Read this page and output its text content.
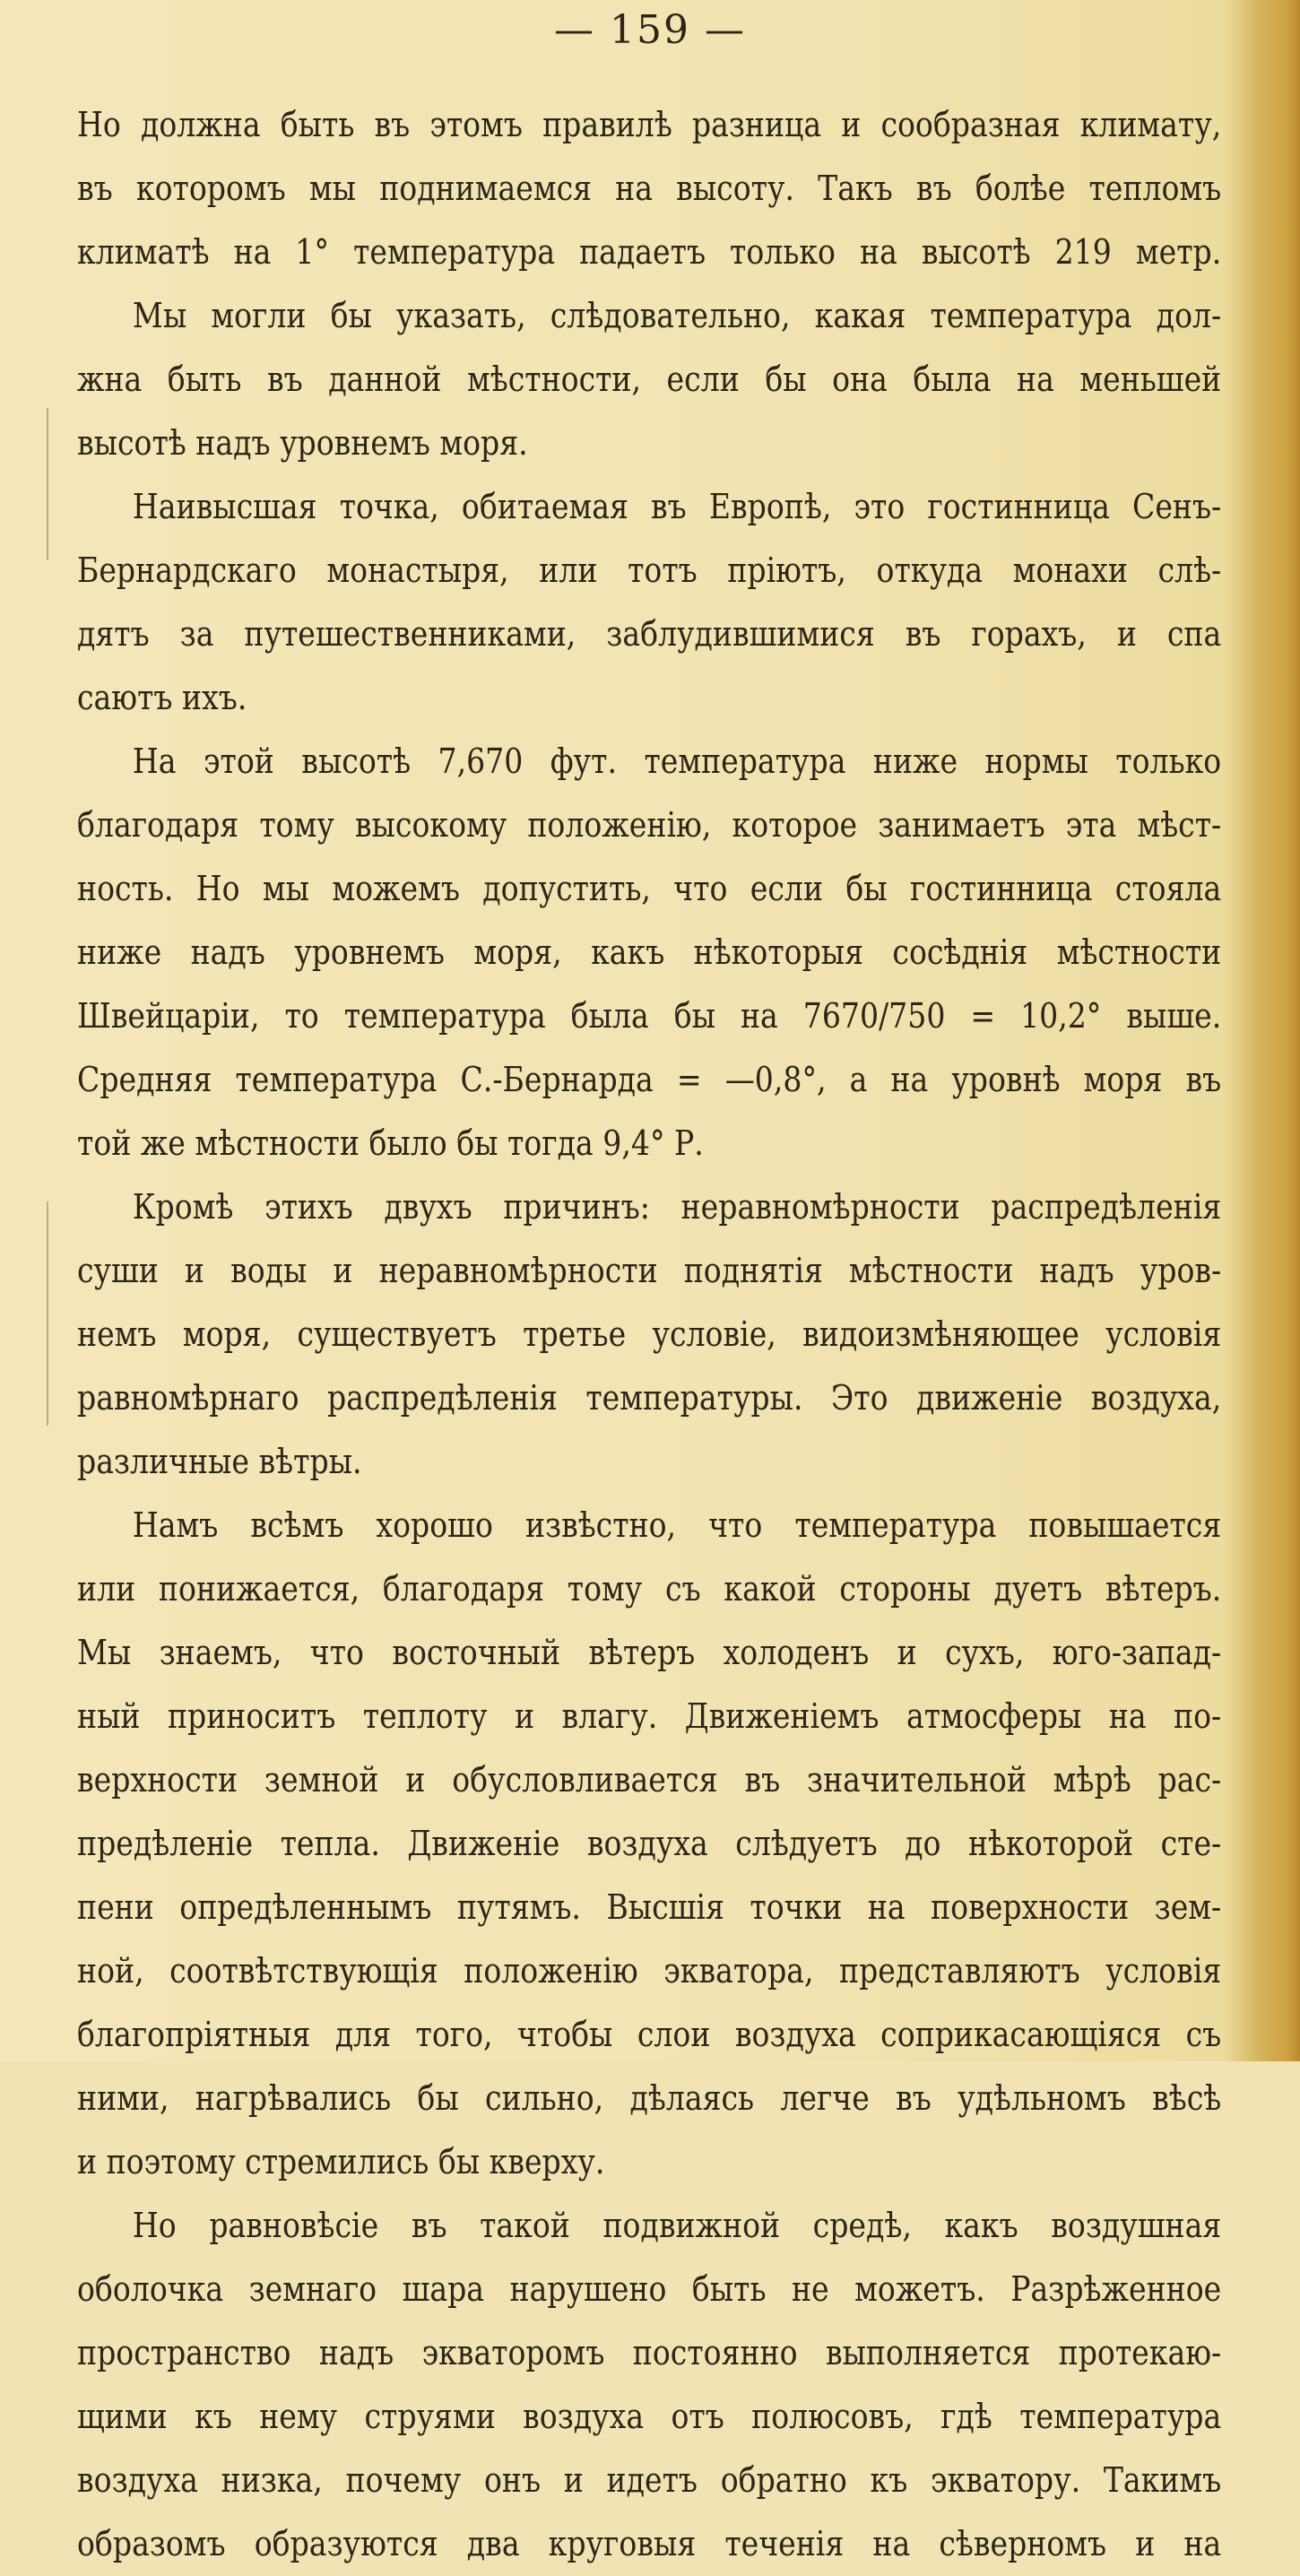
— 159 —
Но должна быть въ этомъ правилѣ разница и сообразная климату,
въ которомъ мы поднимаемся на высоту. Такъ въ болѣе тепломъ
климатѣ на 1° температура падаетъ только на высотѣ 219 метр.
Мы могли бы указать, слѣдовательно, какая температура дол-
жна быть въ данной мѣстности, если бы она была на меньшей
высотѣ надъ уровнемъ моря.
Наивысшая точка, обитаемая въ Европѣ, это гостинница Сенъ-
Бернардскаго монастыря, или тотъ пріютъ, откуда монахи слѣ-
дятъ за путешественниками, заблудившимися въ горахъ, и спа
саютъ ихъ.
На этой высотѣ 7,670 фут. температура ниже нормы только
благодаря тому высокому положенію, которое занимаетъ эта мѣст-
ность. Но мы можемъ допустить, что если бы гостинница стояла
ниже надъ уровнемъ моря, какъ нѣкоторыя сосѣднія мѣстности
Швейцаріи, то температура была бы на 7670/750 = 10,2° выше.
Средняя температура С.-Бернарда = —0,8°, а на уровнѣ моря въ
той же мѣстности было бы тогда 9,4° Р.
Кромѣ этихъ двухъ причинъ: неравномѣрности распредѣленія
суши и воды и неравномѣрности поднятія мѣстности надъ уров-
немъ моря, существуетъ третье условіе, видоизмѣняющее условія
равномѣрнаго распредѣленія температуры. Это движеніе воздуха,
различные вѣтры.
Намъ всѣмъ хорошо извѣстно, что температура повышается
или понижается, благодаря тому съ какой стороны дуетъ вѣтеръ.
Мы знаемъ, что восточный вѣтеръ холоденъ и сухъ, юго-запад-
ный приноситъ теплоту и влагу. Движеніемъ атмосферы на по-
верхности земной и обусловливается въ значительной мѣрѣ рас-
предѣленіе тепла. Движеніе воздуха слѣдуетъ до нѣкоторой сте-
пени опредѣленнымъ путямъ. Высшія точки на поверхности зем-
ной, соотвѣтствующія положенію экватора, представляютъ условія
благопріятныя для того, чтобы слои воздуха соприкасающіяся съ
ними, нагрѣвались бы сильно, дѣлаясь легче въ удѣльномъ вѣсѣ
и поэтому стремились бы кверху.
Но равновѣсіе въ такой подвижной средѣ, какъ воздушная
оболочка земнаго шара нарушено быть не можетъ. Разрѣженное
пространство надъ экваторомъ постоянно выполняется протекаю-
щими къ нему струями воздуха отъ полюсовъ, гдѣ температура
воздуха низка, почему онъ и идетъ обратно къ экватору. Такимъ
образомъ образуются два круговыя теченія на сѣверномъ и на
